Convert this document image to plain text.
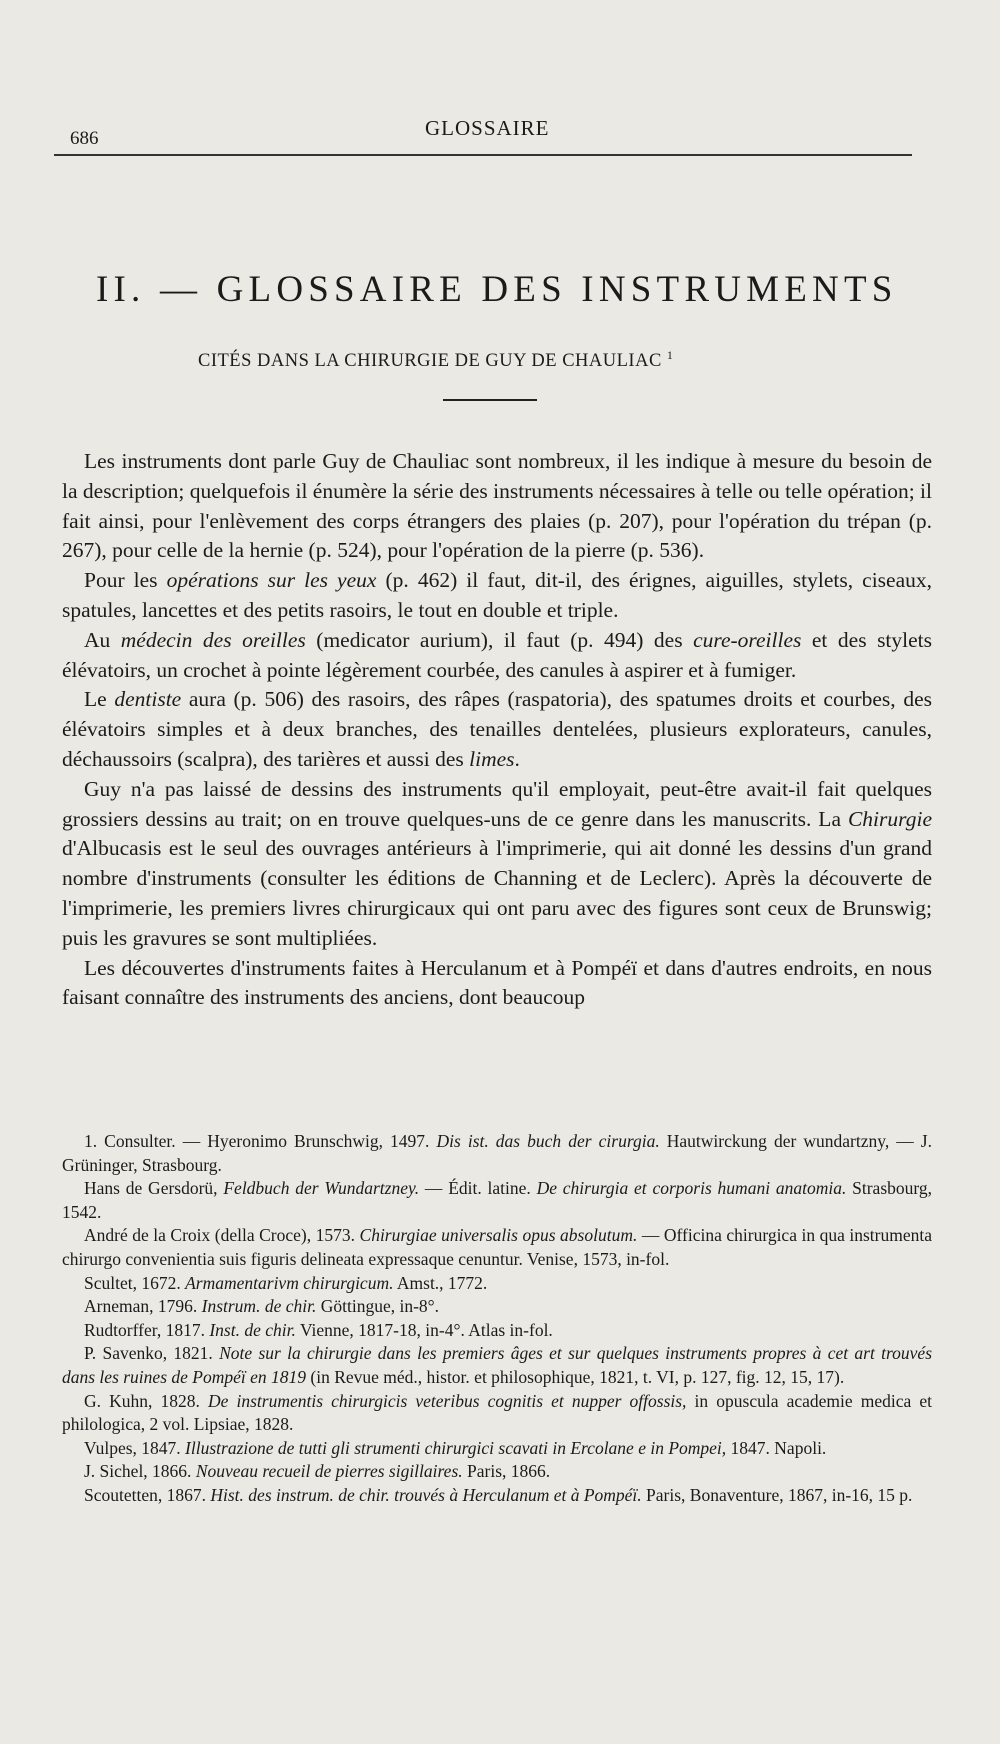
686	GLOSSAIRE
II. — GLOSSAIRE DES INSTRUMENTS
CITÉS DANS LA CHIRURGIE DE GUY DE CHAULIAC $^1$

Les instruments dont parle Guy de Chauliac sont nombreux, il les indique à mesure du besoin de la description; quelquefois il énumère la série des instruments nécessaires à telle ou telle opération; il fait ainsi, pour l'enlèvement des corps étrangers des plaies (p. 207), pour l'opération du trépan (p. 267), pour celle de la hernie (p. 524), pour l'opération de la pierre (p. 536).

Pour les opérations sur les yeux (p. 462) il faut, dit-il, des érignes, aiguilles, stylets, ciseaux, spatules, lancettes et des petits rasoirs, le tout en double et triple.

Au médecin des oreilles (medicator aurium), il faut (p. 494) des cure-oreilles et des stylets élévatoirs, un crochet à pointe légèrement courbée, des canules à aspirer et à fumiger.

Le dentiste aura (p. 506) des rasoirs, des râpes (raspatoria), des spatumes droits et courbes, des élévatoirs simples et à deux branches, des tenailles dentelées, plusieurs explorateurs, canules, déchaussoirs (scalpra), des tarières et aussi des limes.

Guy n'a pas laissé de dessins des instruments qu'il employait, peut-être avait-il fait quelques grossiers dessins au trait; on en trouve quelques-uns de ce genre dans les manuscrits. La Chirurgie d'Albucasis est le seul des ouvrages antérieurs à l'imprimerie, qui ait donné les dessins d'un grand nombre d'instruments (consulter les éditions de Channing et de Leclerc). Après la découverte de l'imprimerie, les premiers livres chirurgicaux qui ont paru avec des figures sont ceux de Brunswig; puis les gravures se sont multipliées.

Les découvertes d'instruments faites à Herculanum et à Pompéï et dans d'autres endroits, en nous faisant connaître des instruments des anciens, dont beaucoup

1. Consulter. — Hyeronimo Brunschwig, 1497. Dis ist. das buch der cirurgia. Hautwirckung der wundartzny, — J. Grüninger, Strasbourg.

Hans de Gersdorü, Feldbuch der Wundartzney. — Édit. latine. De chirurgia et corporis humani anatomia. Strasbourg, 1542.

André de la Croix (della Croce), 1573. Chirurgiae universalis opus absolutum. — Officina chirurgica in qua instrumenta chirurgo convenientia suis figuris delineata expressaque cenuntur. Venise, 1573, in-fol.

Scultet, 1672. Armamentarivm chirurgicum. Amst., 1772.

Arneman, 1796. Instrum. de chir. Göttingue, in-8°.

Rudtorffer, 1817. Inst. de chir. Vienne, 1817-18, in-4°. Atlas in-fol.

P. Savenko, 1821. Note sur la chirurgie dans les premiers âges et sur quelques instruments propres à cet art trouvés dans les ruines de Pompéï en 1819 (in Revue méd., histor. et philosophique, 1821, t. VI, p. 127, fig. 12, 15, 17).

G. Kuhn, 1828. De instrumentis chirurgicis veteribus cognitis et nupper offossis, in opuscula academie medica et philologica, 2 vol. Lipsiae, 1828.

Vulpes, 1847. Illustrazione de tutti gli strumenti chirurgici scavati in Ercolane e in Pompei, 1847. Napoli.

J. Sichel, 1866. Nouveau recueil de pierres sigillaires. Paris, 1866.

Scoutetten, 1867. Hist. des instrum. de chir. trouvés à Herculanum et à Pompéï. Paris, Bonaventure, 1867, in-16, 15 p.
